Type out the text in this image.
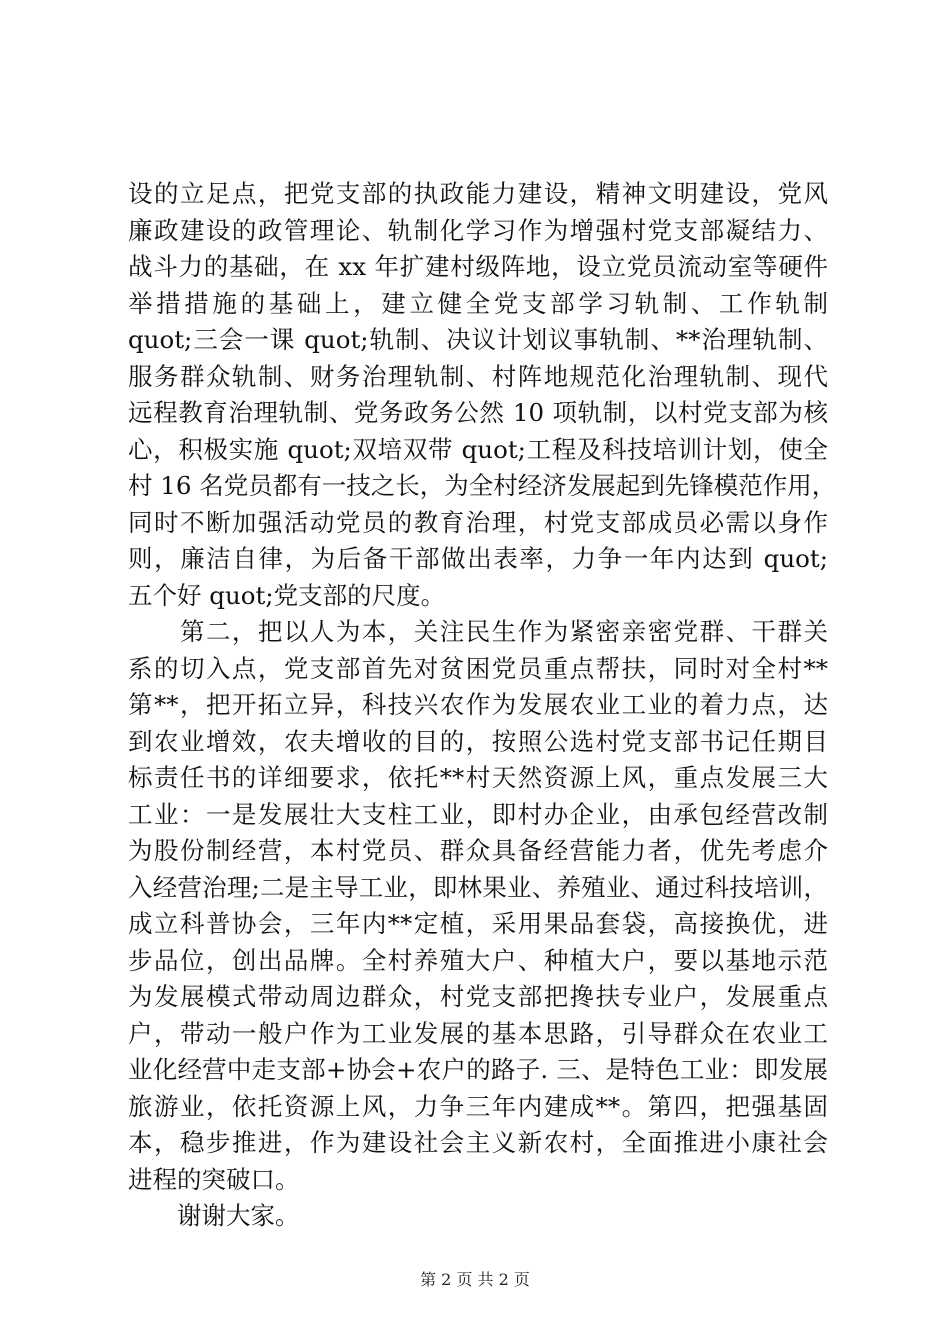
设的立足点，把党支部的执政能力建设，精神文明建设，党风
廉政建设的政管理论、轨制化学习作为增强村党支部凝结力、
战斗力的基础，在 xx 年扩建村级阵地，设立党员流动室等硬件
举措措施的基础上，建立健全党支部学习轨制、工作轨制
quot;三会一课 quot;轨制、决议计划议事轨制、**治理轨制、
服务群众轨制、财务治理轨制、村阵地规范化治理轨制、现代
远程教育治理轨制、党务政务公然 10 项轨制，以村党支部为核
心，积极实施 quot;双培双带 quot;工程及科技培训计划，使全
村 16 名党员都有一技之长，为全村经济发展起到先锋模范作用，
同时不断加强活动党员的教育治理，村党支部成员必需以身作
则，廉洁自律，为后备干部做出表率，力争一年内达到 quot;
五个好 quot;党支部的尺度。
　　第二，把以人为本，关注民生作为紧密亲密党群、干群关
系的切入点，党支部首先对贫困党员重点帮扶，同时对全村**
第**，把开拓立异，科技兴农作为发展农业工业的着力点，达
到农业增效，农夫增收的目的，按照公选村党支部书记任期目
标责任书的详细要求，依托**村天然资源上风，重点发展三大
工业：一是发展壮大支柱工业，即村办企业，由承包经营改制
为股份制经营，本村党员、群众具备经营能力者，优先考虑介
入经营治理;二是主导工业，即林果业、养殖业、通过科技培训，
成立科普协会，三年内**定植，采用果品套袋，高接换优，进
步品位，创出品牌。全村养殖大户、种植大户，要以基地示范
为发展模式带动周边群众，村党支部把搀扶专业户，发展重点
户，带动一般户作为工业发展的基本思路，引导群众在农业工
业化经营中走支部+协会+农户的路子. 三、是特色工业：即发展
旅游业，依托资源上风，力争三年内建成**。第四，把强基固
本，稳步推进，作为建设社会主义新农村，全面推进小康社会
进程的突破口。
　　谢谢大家。
第 2 页 共 2 页
